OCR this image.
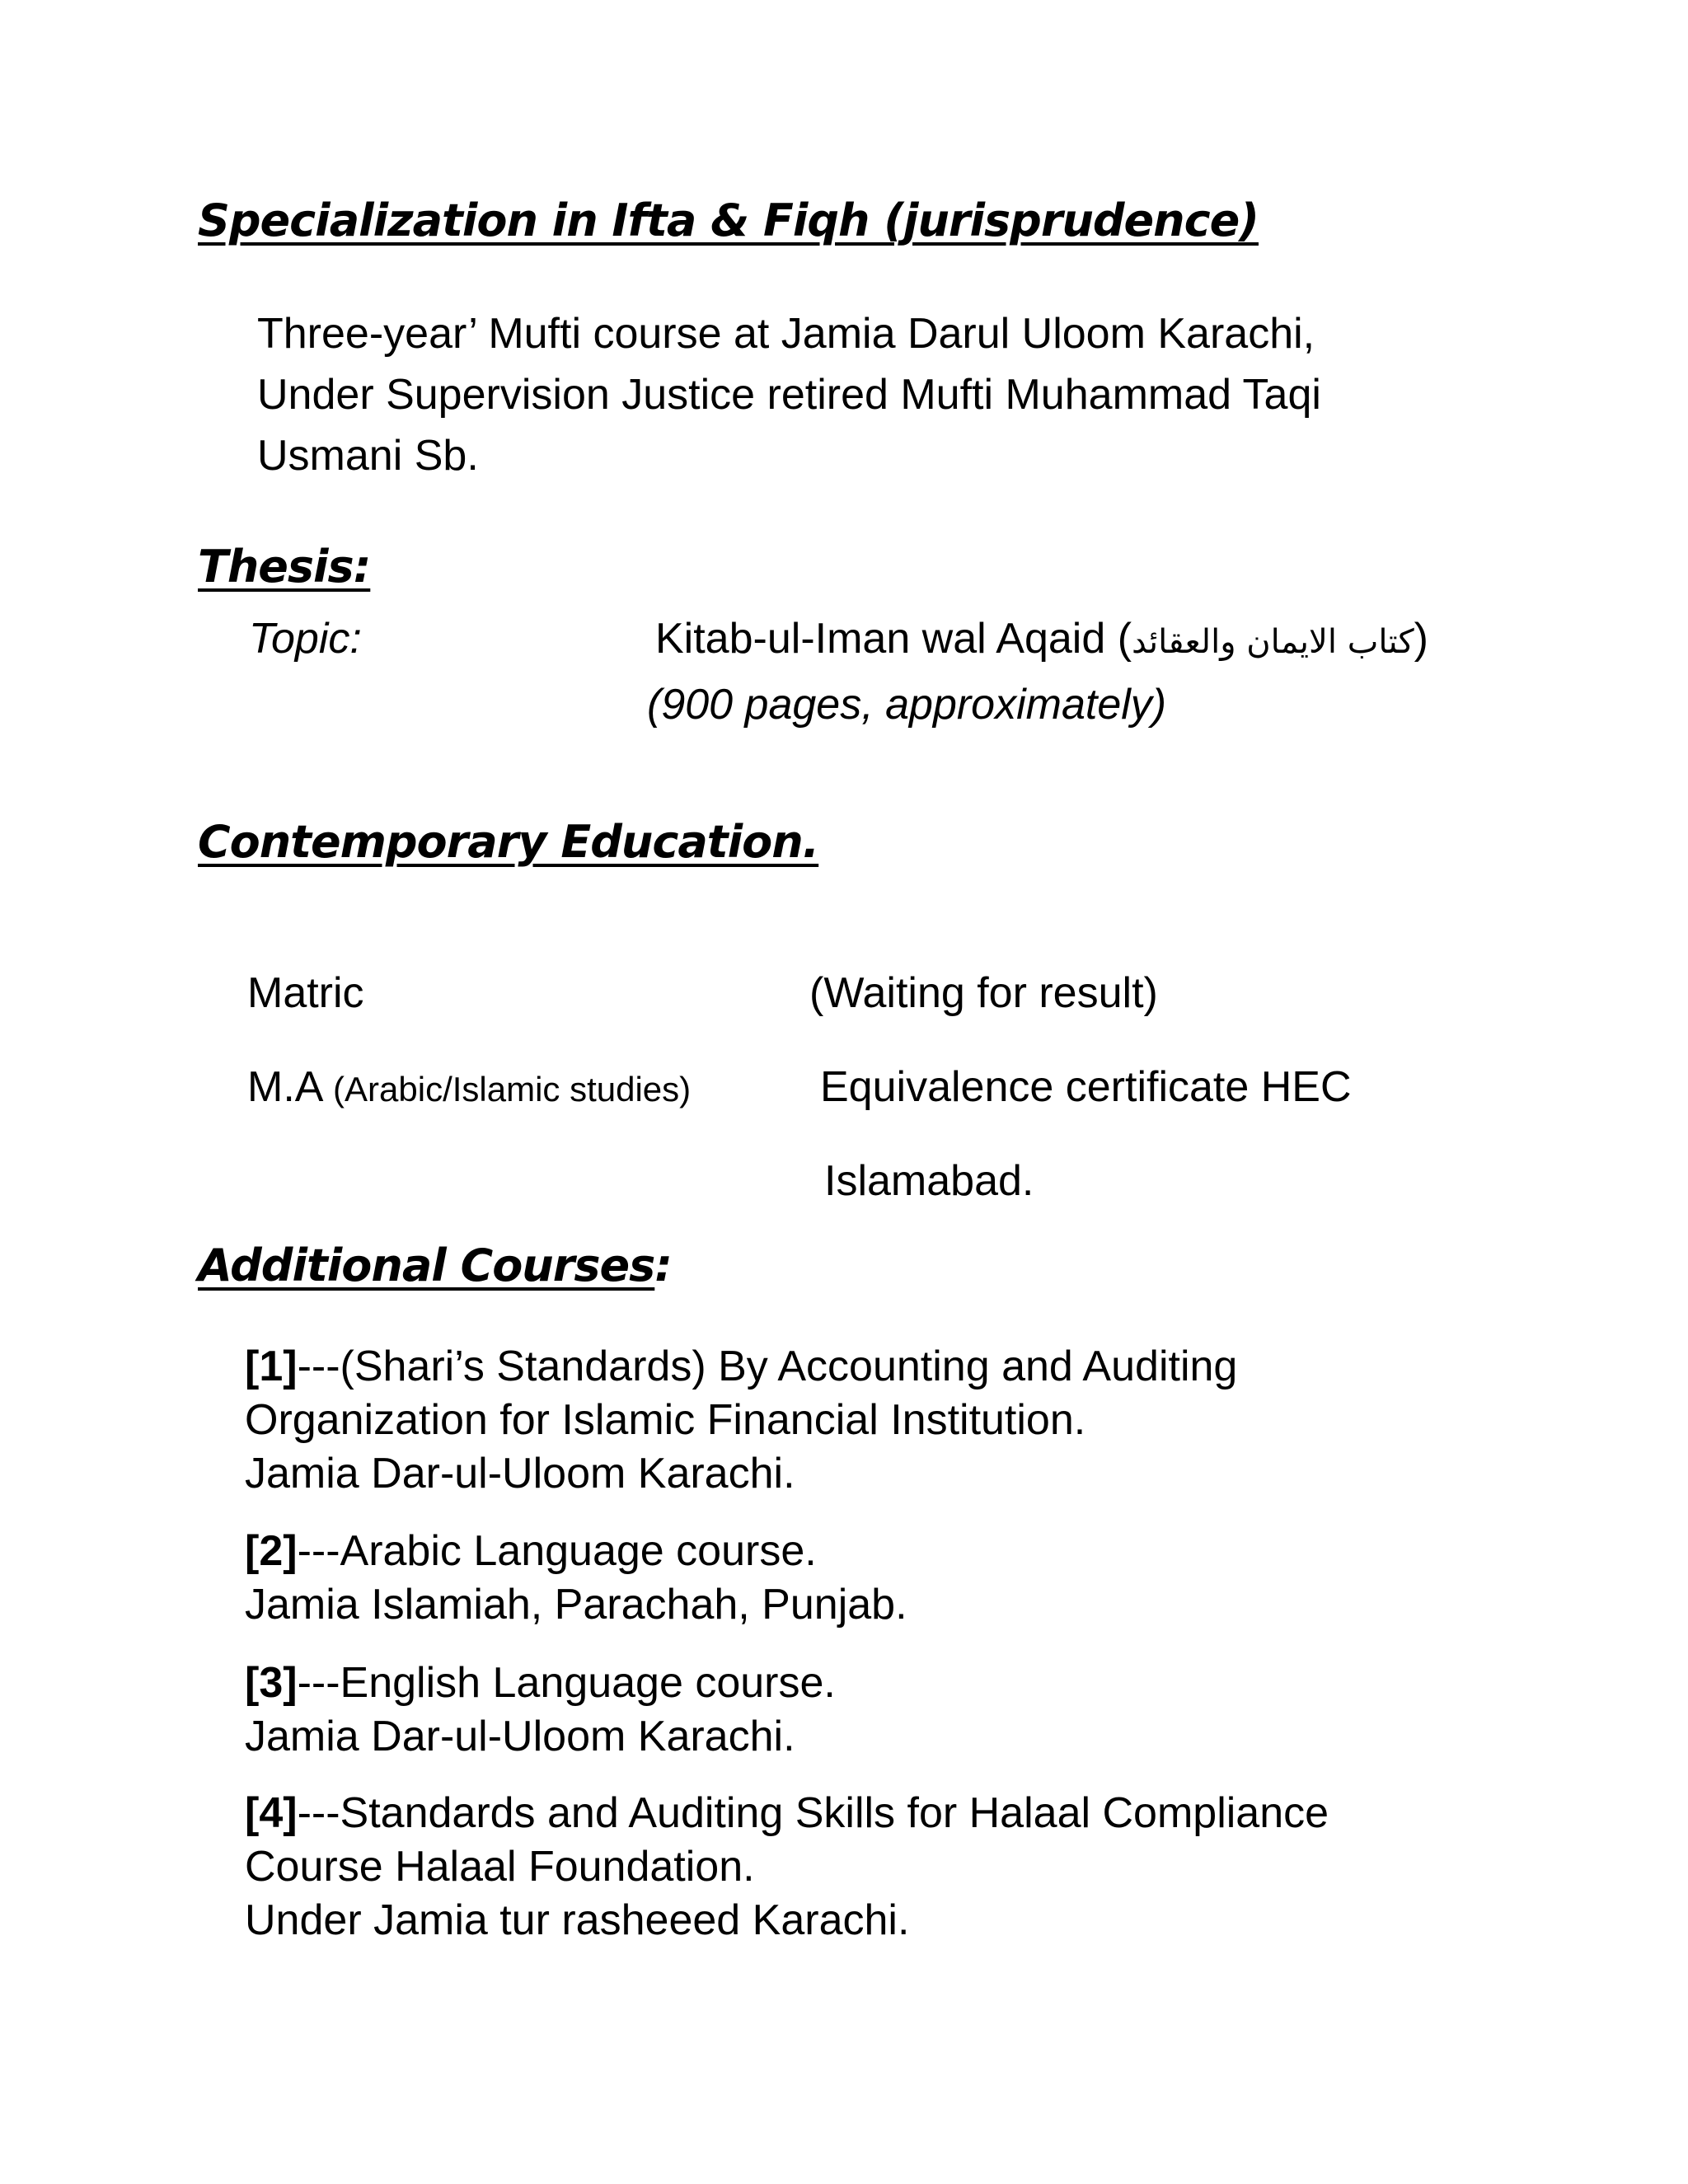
Specialization in Ifta & Fiqh (jurisprudence)
Three-year’ Mufti course at Jamia Darul Uloom Karachi,
Under Supervision Justice retired Mufti Muhammad Taqi
Usmani Sb.
Thesis:
Topic:	Kitab-ul-Iman wal Aqaid (کتاب الایمان والعقائد)
(900 pages, approximately)
Contemporary Education.
Matric	(Waiting for result)
M.A (Arabic/Islamic studies)	Equivalence certificate HEC
Islamabad.
Additional Courses:
[1]---(Shari’s Standards) By Accounting and Auditing
Organization for Islamic Financial Institution.
Jamia Dar-ul-Uloom Karachi.
[2]---Arabic Language course.
Jamia Islamiah, Parachah, Punjab.
[3]---English Language course.
Jamia Dar-ul-Uloom Karachi.
[4]---Standards and Auditing Skills for Halaal Compliance
Course Halaal Foundation.
Under Jamia tur rasheeed Karachi.
